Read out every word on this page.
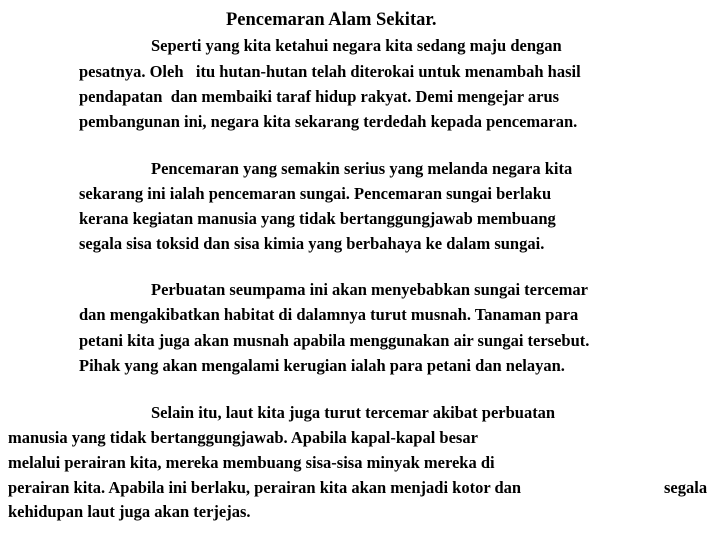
Pencemaran Alam Sekitar.
Seperti yang kita ketahui negara kita sedang maju dengan
pesatnya. Oleh   itu hutan-hutan telah diterokai untuk menambah hasil
pendapatan  dan membaiki taraf hidup rakyat. Demi mengejar arus
pembangunan ini, negara kita sekarang terdedah kepada pencemaran.
Pencemaran yang semakin serius yang melanda negara kita
sekarang ini ialah pencemaran sungai. Pencemaran sungai berlaku
kerana kegiatan manusia yang tidak bertanggungjawab membuang
segala sisa toksid dan sisa kimia yang berbahaya ke dalam sungai.
Perbuatan seumpama ini akan menyebabkan sungai tercemar
dan mengakibatkan habitat di dalamnya turut musnah. Tanaman para
petani kita juga akan musnah apabila menggunakan air sungai tersebut.
Pihak yang akan mengalami kerugian ialah para petani dan nelayan.
Selain itu, laut kita juga turut tercemar akibat perbuatan
manusia yang tidak bertanggungjawab. Apabila kapal-kapal besar
melalui perairan kita, mereka membuang sisa-sisa minyak mereka di
perairan kita. Apabila ini berlaku, perairan kita akan menjadi kotor dan	segala
kehidupan laut juga akan terjejas.
